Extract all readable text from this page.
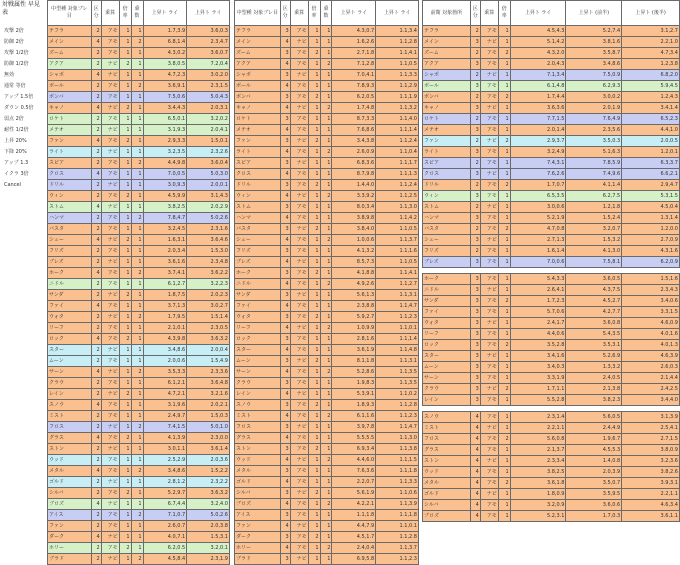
対戦属性 早見表
攻撃 2倍
防御 2倍
攻撃 1/2倍
防御 1/2倍
無効
通常 等倍
アップ 1.5倍
ダウン 0.5倍
弱点 2倍
耐性 1/2倍
上昇 20%
下降 20%
アップ 1.3
イクラ 3倍
Cancel
中型種 対象ブレ目	区分	乗算	倍率	乗数	上昇ト ライ	上昇ト ライ
テフラ	2	アモ	1	1	1.7,3.9	3.6,0.3
メイン	4	アモ	1	2	6.8,1.4	2.3,4.7
ズーム	2	アモ	1	1	4.3,0.2	3.6,0.7
アクア	2	ナビ	2	1	3.8,0.5	7.2,0.4
シャボ	4	ナビ	1	1	4.7,2.3	3.0,2.0
ボール	2	アモ	1	2	3.6,9.1	2.3,1.5
ボンバ	2	アモ	1	1	7.5,0.6	5.0,4.3
キャノ	4	ナビ	2	1	3.4,4.3	2.0,3.1
ロケト	2	アモ	1	1	6.5,0.1	3.2,0.2
メテオ	2	ナビ	1	1	3.1,9.3	2.0,4.1
ファン	4	アモ	2	1	2.9,3.3	1.5,0.1
ライト	2	ナビ	1	1	3.2,3.5	2.3,2.6
スピア	2	アモ	1	2	4.4,9.8	3.6,0.4
クロス	4	アモ	1	1	7.0,0.5	5.0,3.0
ドリル	2	ナビ	1	1	3.0,9.3	2.0,0.1
ウィン	2	アモ	2	1	4.5,9.9	3.1,4.3
ストム	4	ナビ	1	1	3.8,2.5	2.0,2.9
ハンマ	2	アモ	1	2	7.8,4.7	5.0,2.6
バスタ	2	アモ	1	1	3.2,4.5	2.3,1.6
シュー	4	ナビ	2	1	1.6,3.1	3.6,4.6
フリズ	2	アモ	1	1	2.0,3.4	1.5,3.0
ブレズ	2	ナビ	1	1	3.6,1.6	2.3,4.8
ホーク	4	アモ	1	2	3.7,4.1	3.6,2.2
ニドル	2	アモ	1	1	6.1,2.7	3.2,2.3
サンダ	2	ナビ	2	1	1.8,7.5	2.0,2.3
ファイ	4	アモ	1	1	3.7,1.3	3.0,2.7
ウォタ	2	ナビ	1	2	1.7,9.5	1.5,1.4
リーフ	2	アモ	1	1	2.1,0.1	2.3,0.5
ロック	4	アモ	2	1	4.3,9.8	3.6,3.2
スター	2	ナビ	1	1	3.4,8.6	2.0,0.4
ムーン	2	アモ	1	1	2.0,0.6	1.5,4.9
サーン	4	ナビ	1	2	3.5,3.3	2.3,3.6
クラウ	2	アモ	1	1	6.1,2.1	3.6,4.8
レイン	2	ナビ	2	1	4.7,2.1	3.2,1.6
スノウ	4	アモ	1	1	3.1,9.6	2.0,2.1
ミスト	2	アモ	1	1	2.4,9.7	1.5,0.3
フロス	2	ナビ	1	2	7.4,1.5	5.0,1.0
グラス	4	アモ	2	1	4.1,3.9	2.3,0.0
ストン	2	ナビ	1	1	3.0,1.1	3.6,1.4
ウッド	2	アモ	1	1	2.5,2.9	2.0,3.6
メタル	4	アモ	1	2	3.4,8.6	1.5,2.2
ゴルド	2	ナビ	1	1	2.8,1.2	2.3,2.2
シルバ	2	アモ	2	1	5.2,9.7	3.6,3.2
ブロズ	4	ナビ	1	1	6.7,4.4	3.2,4.0
アイス	2	アモ	1	2	7.1,0.7	5.0,2.6
ファン	2	アモ	1	1	2.6,0.7	2.0,3.8
ダーク	4	ナビ	1	1	4.0,7.1	1.5,3.1
ホリー	2	アモ	2	1	6.2,0.5	3.2,0.1
ブラド	2	ナビ	1	2	4.5,8.4	2.3,1.9
中型種 対象ブレ目	区分	乗算	倍率	乗数	上昇ト ライ	上昇ト ライ
テフラ	3	アモ	1	1	4.3,0.7	1.1,3.4
メイン	4	ナビ	1	1	1.6,2.6	1.1,2.8
ズーム	3	アモ	2	1	2.7,1.8	1.1,4.1
アクア	4	アモ	1	2	7.1,2.8	1.1,0.5
シャボ	3	ナビ	1	1	7.0,4.1	1.1,3.3
ボール	4	アモ	1	1	7.8,9.3	1.1,2.9
ボンバ	3	アモ	2	1	6.2,0.5	1.1,1.9
キャノ	4	ナビ	1	2	1.7,4.8	1.1,3.2
ロケト	3	アモ	1	1	8.7,3.3	1.1,4.0
メテオ	4	アモ	1	1	7.6,8.6	1.1,1.4
ファン	3	ナビ	2	1	3.4,3.8	1.1,2.4
ライト	4	アモ	1	2	2.6,0.9	1.1,0.4
スピア	3	ナビ	1	1	6.8,3.6	1.1,1.7
クロス	4	アモ	1	1	8.7,9.8	1.1,1.3
ドリル	3	アモ	2	1	1.4,4.0	1.1,2.4
ウィン	4	ナビ	1	2	3.3,9.2	1.1,2.5
ストム	3	アモ	1	1	8.0,3.4	1.1,3.0
ハンマ	4	アモ	1	1	3.8,9.8	1.1,4.2
バスタ	3	ナビ	2	1	3.8,4.0	1.1,0.5
シュー	4	アモ	1	2	1.0,0.6	1.1,3.7
フリズ	3	アモ	1	1	4.1,3.2	1.1,1.6
ブレズ	4	ナビ	1	1	8.5,7.3	1.1,0.5
ホーク	3	アモ	2	1	4.1,8.8	1.1,4.1
ニドル	4	アモ	1	2	4.9,2.6	1.1,2.7
サンダ	3	ナビ	1	1	5.6,1.3	1.1,3.1
ファイ	4	アモ	1	1	2.3,8.8	1.1,4.7
ウォタ	3	アモ	2	1	5.9,2.7	1.1,2.3
リーフ	4	ナビ	1	2	1.0,9.9	1.1,0.1
ロック	3	アモ	1	1	2.8,1.6	1.1,1.4
スター	4	アモ	1	1	3.6,1.9	1.1,4.8
ムーン	3	ナビ	2	1	8.1,1.8	1.1,3.1
サーン	4	アモ	1	2	5.2,8.6	1.1,3.5
クラウ	3	アモ	1	1	1.9,8.3	1.1,3.5
レイン	4	ナビ	1	1	5.3,9.1	1.1,0.2
スノウ	3	アモ	2	1	1.8,9.3	1.1,2.8
ミスト	4	アモ	1	2	6.1,1.6	1.1,2.3
フロス	3	ナビ	1	1	3.9,7.8	1.1,4.7
グラス	4	アモ	1	1	5.5,5.5	1.1,3.0
ストン	3	アモ	2	1	6.9,3.4	1.1,3.8
ウッド	4	ナビ	1	2	4.4,6.0	1.1,1.5
メタル	3	アモ	1	1	7.6,3.6	1.1,1.8
ゴルド	4	アモ	1	1	2.2,0.7	1.1,3.3
シルバ	3	ナビ	2	1	5.6,1.9	1.1,0.6
ブロズ	4	アモ	1	2	4.2,2.1	1.1,3.9
アイス	3	アモ	1	1	1.1,1.8	1.1,1.8
ファン	4	ナビ	1	1	4.4,7.9	1.1,0.1
ダーク	3	アモ	2	1	4.5,1.7	1.1,2.8
ホリー	4	アモ	1	2	2.4,0.4	1.1,3.7
ブラド	3	ナビ	1	1	6.9,5.8	1.1,2.3
前衛 対象箇所	区分	乗算	倍率	上昇ト ライ	上昇ト (前半)	上昇ト (後半)
テフラ	2	アモ	1	4.5,4.3	5.2,7.4	3.1,2.7
メイン	3	ナビ	1	5.1,4.2	3.8,1.6	2.2,1.0
ズーム	2	アモ	2	4.3,2.0	3.5,8.7	4.7,3.4
アクア	3	アモ	1	2.0,4.3	3.4,8.6	1.2,3.8
シャボ	2	ナビ	1	7.1,3.4	7.5,0.9	6.8,2.0
ボール	3	アモ	1	6.1,4.8	6.2,9.3	5.9,4.5
ボンバ	2	アモ	2	1.7,4.4	3.0,0.2	1.2,4.3
キャノ	3	ナビ	1	3.6,3.6	2.0,1.9	3.4,1.4
ロケト	2	アモ	1	7.7,1.5	7.6,4.9	6.5,2.3
メテオ	3	アモ	1	2.0,1.4	2.3,5.6	4.4,1.0
ファン	2	ナビ	2	2.9,3.7	3.5,0.3	2.0,0.5
ライト	3	アモ	1	3.2,4.9	5.1,6.3	1.2,0.1
スピア	2	アモ	1	7.4,3.1	7.8,5.9	6.3,3.7
クロス	3	ナビ	1	7.6,2.6	7.4,9.6	6.6,2.1
ドリル	2	アモ	2	1.7,0.7	4.1,1.4	2.9,4.7
ウィン	3	アモ	1	6.5,3.5	6.2,7.5	5.3,1.5
ストム	2	ナビ	1	3.0,0.6	1.2,1.8	4.5,0.4
ハンマ	3	アモ	1	5.2,1.9	1.5,2.4	1.3,1.4
バスタ	2	アモ	2	4.7,0.8	3.2,0.7	1.2,0.0
シュー	3	ナビ	1	2.7,1.3	1.5,3.2	2.7,0.9
フリズ	2	アモ	1	1.6,1.4	4.1,3.0	4.3,1.6
ブレズ	3	アモ	1	7.0,0.6	7.5,8.1	6.2,0.9

ホーク	3	アモ	1	5.4,3.3	3.6,0.5	1.5,1.6
ニドル	3	ナビ	1	2.6,4.1	4.3,7.5	2.3,4.3
サンダ	3	アモ	2	1.7,2.3	4.5,2.7	3.4,0.6
ファイ	3	アモ	1	5.7,0.6	4.2,7.7	3.3,1.5
ウォタ	3	ナビ	1	2.4,1.7	3.6,0.8	4.6,0.9
リーフ	3	アモ	1	4.4,0.6	5.4,3.5	4.0,1.6
ロック	3	アモ	2	3.5,2.8	3.5,3.1	4.0,1.3
スター	3	ナビ	1	3.4,1.6	5.2,6.9	4.6,3.9
ムーン	3	アモ	1	3.4,0.3	1.3,3.2	2.6,0.3
サーン	3	アモ	1	3.3,1.9	2.4,0.5	2.1,4.4
クラウ	3	ナビ	2	1.7,1.1	2.1,3.8	2.4,2.5
レイン	3	アモ	1	5.5,2.8	3.8,2.3	3.4,4.0

スノウ	4	アモ	1	2.3,1.4	5.6,0.5	3.1,3.9
ミスト	4	ナビ	1	2.2,1.1	2.4,4.9	2.5,4.1
フロス	4	アモ	2	5.6,0.8	1.9,6.7	2.7,1.5
グラス	4	アモ	1	2.1,3.7	4.5,5.3	3.8,0.9
ストン	4	ナビ	1	2.3,3.4	1.4,0.8	3.2,3.6
ウッド	4	アモ	1	3.8,2.5	2.0,3.9	3.8,2.6
メタル	4	アモ	2	3.6,1.8	3.5,0.7	3.9,3.1
ゴルド	4	ナビ	1	1.8,0.9	3.5,9.5	2.2,1.1
シルバ	4	アモ	1	3.2,0.9	3.6,0.6	4.6,3.4
ブロズ	4	アモ	1	5.2,3.1	1.7,0.3	3.6,1.1
